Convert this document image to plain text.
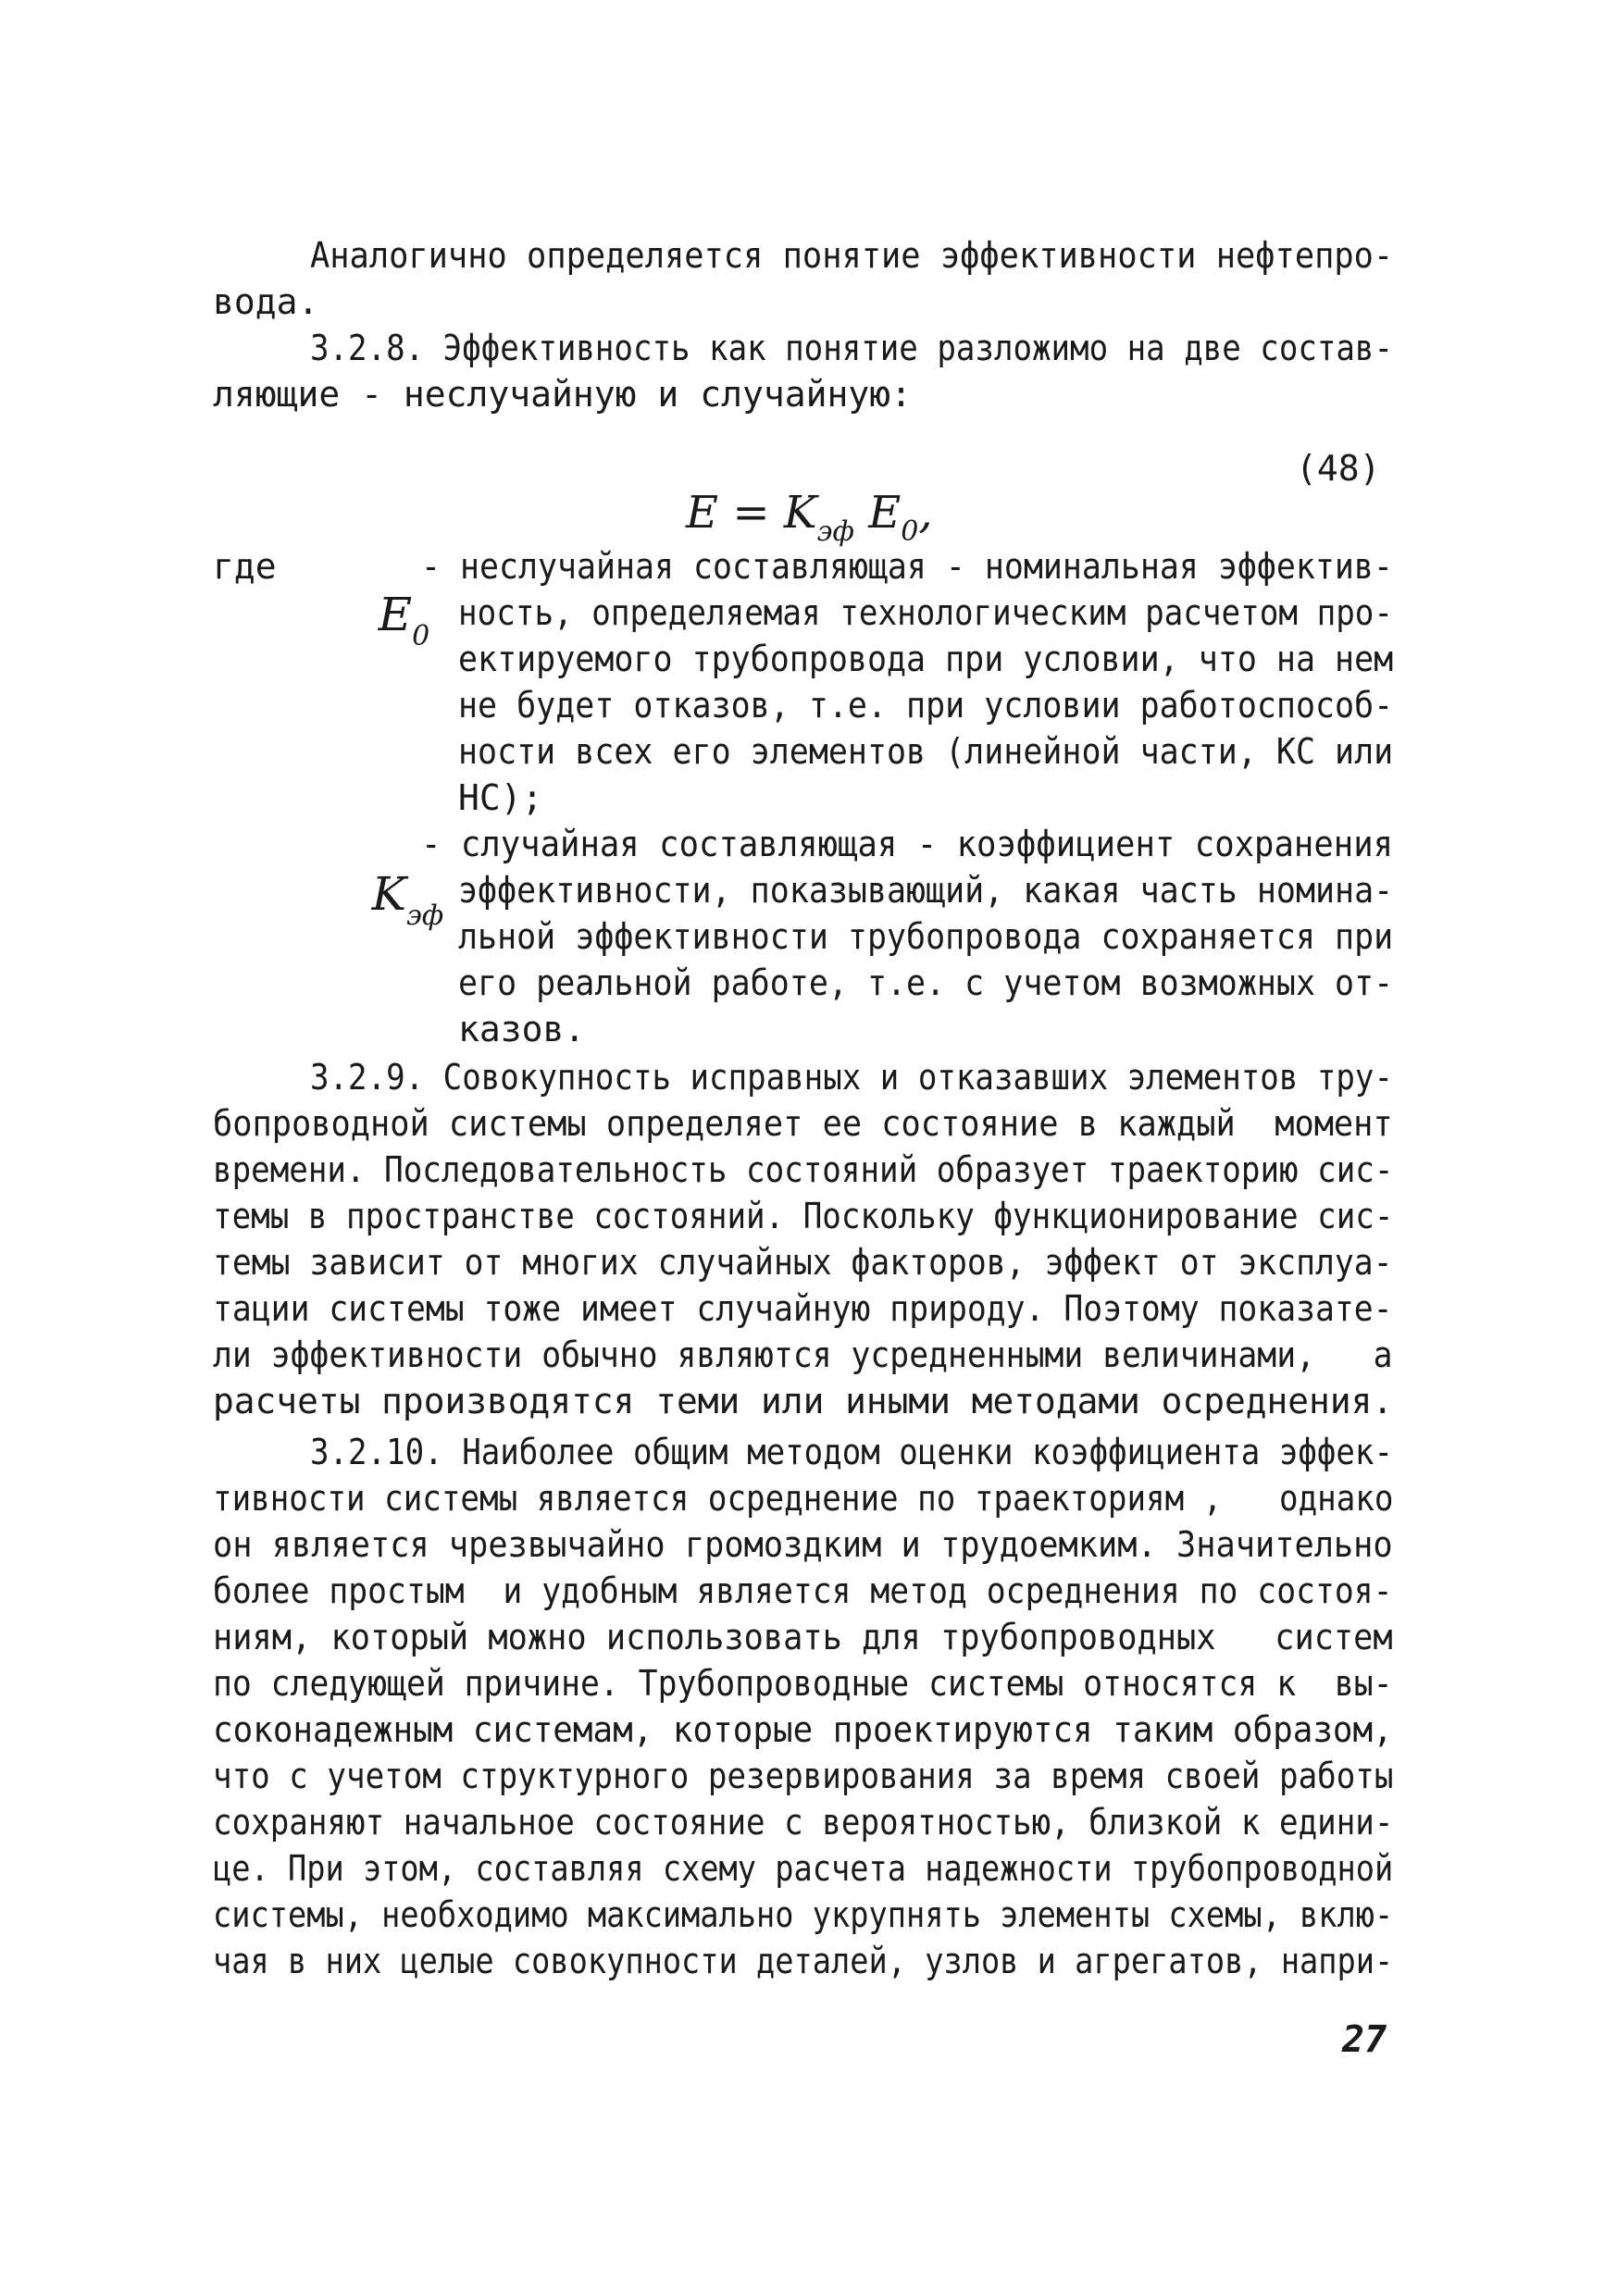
Аналогично определяется понятие эффективности нефтепро-
вода.
3.2.8. Эффективность как понятие разложимо на две состав-
ляющие - неслучайную и случайную:

$E = K_{эф}$ $E_0$,

(48)
где

$E_0$

- неслучайная составляющая - номинальная эффектив-
ность, определяемая технологическим расчетом про-
ектируемого трубопровода при условии, что на нем
не будет отказов, т.е. при условии работоспособ-
ности всех его элементов (линейной части, КС или
НС);

$K_{эф}$

- случайная составляющая - коэффициент сохранения
эффективности, показывающий, какая часть номина-
льной эффективности трубопровода сохраняется при
его реальной работе, т.е. с учетом возможных от-
казов.
3.2.9. Совокупность исправных и отказавших элементов тру-
бопроводной системы определяет ее состояние в каждый  момент
времени. Последовательность состояний образует траекторию сис-
темы в пространстве состояний. Поскольку функционирование сис-
темы зависит от многих случайных факторов, эффект от эксплуа-
тации системы тоже имеет случайную природу. Поэтому показате-
ли эффективности обычно являются усредненными величинами,   а
расчеты производятся теми или иными методами осреднения.
3.2.10. Наиболее общим методом оценки коэффициента эффек-
тивности системы является осреднение по траекториям ,   однако
он является чрезвычайно громоздким и трудоемким. Значительно
более простым  и удобным является метод осреднения по состоя-
ниям, который можно использовать для трубопроводных   систем
по следующей причине. Трубопроводные системы относятся к  вы-
соконадежным системам, которые проектируются таким образом,
что с учетом структурного резервирования за время своей работы
сохраняют начальное состояние с вероятностью, близкой к едини-
це. При этом, составляя схему расчета надежности трубопроводной
системы, необходимо максимально укрупнять элементы схемы, вклю-
чая в них целые совокупности деталей, узлов и агрегатов, напри-
27
